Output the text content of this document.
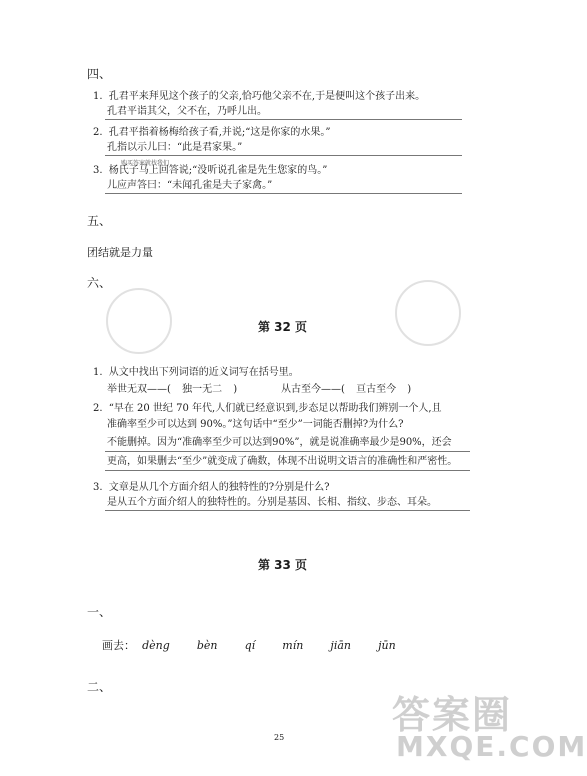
四、
1. 孔君平来拜见这个孩子的父亲,恰巧他父亲不在,于是便叫这个孩子出来。
孔君平诣其父，父不在，乃呼儿出。
2. 孔君平指着杨梅给孩子看,并说;“这是你家的水果。”
孔指以示儿曰：“此是君家果。”
购买答案就找我们
3. 杨氏子马上回答说;“没听说孔雀是先生您家的鸟。”
儿应声答曰：“未闻孔雀是夫子家禽。”
五、
团结就是力量
六、
第 32 页
1. 从文中找出下列词语的近义词写在括号里。
举世无双——( 独一无二 )	从古至今——( 亘古至今 )
2. “早在 20 世纪 70 年代,人们就已经意识到,步态足以帮助我们辨别一个人,且
准确率至少可以达到 90%。”这句话中“至少”一词能否删掉?为什么?
不能删掉。因为“准确率至少可以达到90%”，就是说准确率最少是90%，还会
更高，如果删去“至少”就变成了确数，体现不出说明文语言的准确性和严密性。
3. 文章是从几个方面介绍人的独特性的?分别是什么?
是从五个方面介绍人的独特性的。分别是基因、长相、指纹、步态、耳朵。
第 33 页
一、
画去： dèng bèn qí mín jiān jūn
二、
25
答案圈
MXQE.COM
